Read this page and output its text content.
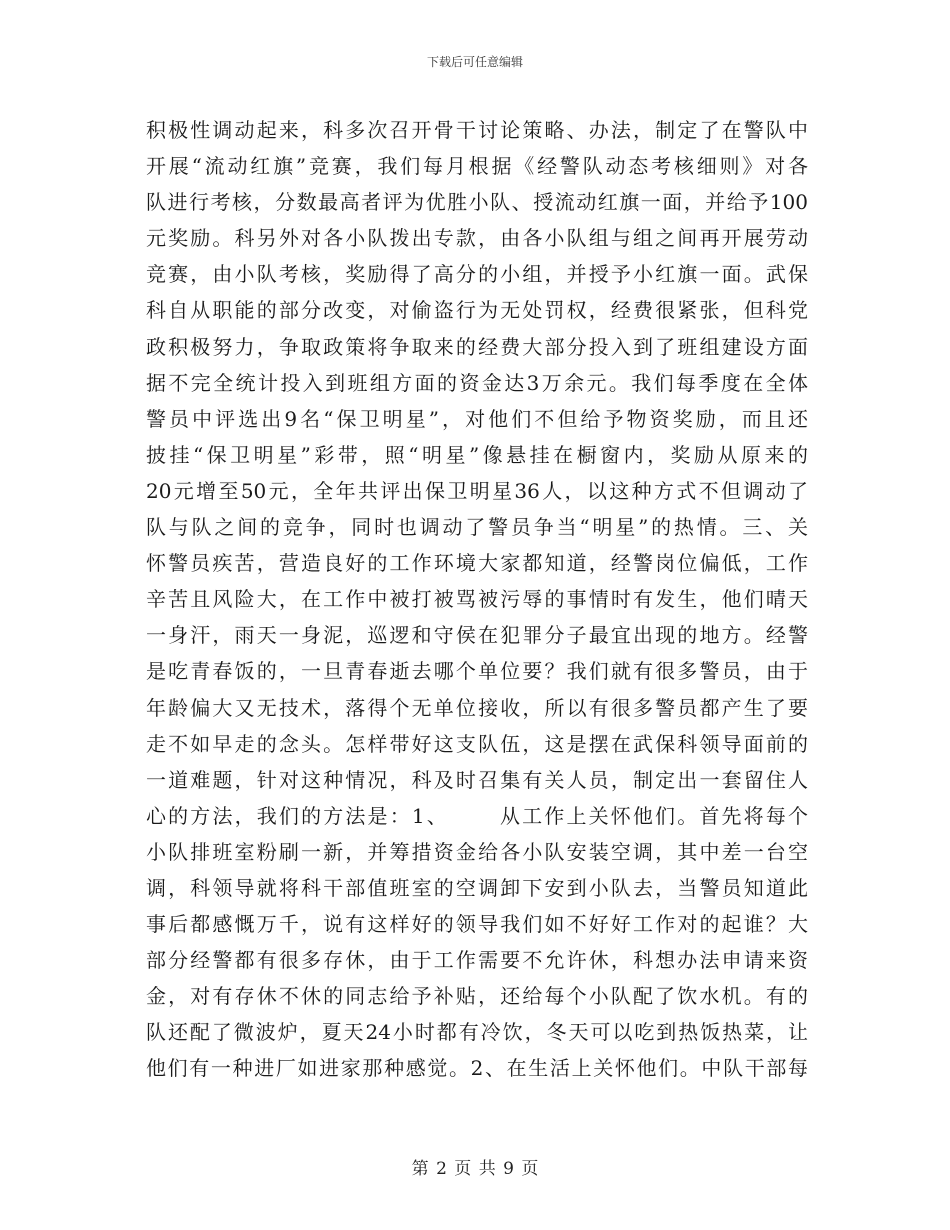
下载后可任意编辑
积极性调动起来，科多次召开骨干讨论策略、办法，制定了在警队中
开展“流动红旗”竞赛，我们每月根据《经警队动态考核细则》对各
队进行考核，分数最高者评为优胜小队、授流动红旗一面，并给予100
元奖励。科另外对各小队拨出专款，由各小队组与组之间再开展劳动
竞赛，由小队考核，奖励得了高分的小组，并授予小红旗一面。武保
科自从职能的部分改变，对偷盗行为无处罚权，经费很紧张，但科党
政积极努力，争取政策将争取来的经费大部分投入到了班组建设方面
据不完全统计投入到班组方面的资金达3万余元。我们每季度在全体
警员中评选出9名“保卫明星”，对他们不但给予物资奖励，而且还
披挂“保卫明星”彩带，照“明星”像悬挂在橱窗内，奖励从原来的
20元增至50元，全年共评出保卫明星36人，以这种方式不但调动了
队与队之间的竞争，同时也调动了警员争当“明星”的热情。三、关
怀警员疾苦，营造良好的工作环境大家都知道，经警岗位偏低，工作
辛苦且风险大，在工作中被打被骂被污辱的事情时有发生，他们晴天
一身汗，雨天一身泥，巡逻和守侯在犯罪分子最宜出现的地方。经警
是吃青春饭的，一旦青春逝去哪个单位要？我们就有很多警员，由于
年龄偏大又无技术，落得个无单位接收，所以有很多警员都产生了要
走不如早走的念头。怎样带好这支队伍，这是摆在武保科领导面前的
一道难题，针对这种情况，科及时召集有关人员，制定出一套留住人
心的方法，我们的方法是：1、      从工作上关怀他们。首先将每个
小队排班室粉刷一新，并筹措资金给各小队安装空调，其中差一台空
调，科领导就将科干部值班室的空调卸下安到小队去，当警员知道此
事后都感慨万千，说有这样好的领导我们如不好好工作对的起谁？大
部分经警都有很多存休，由于工作需要不允许休，科想办法申请来资
金，对有存休不休的同志给予补贴，还给每个小队配了饮水机。有的
队还配了微波炉，夏天24小时都有冷饮，冬天可以吃到热饭热菜，让
他们有一种进厂如进家那种感觉。2、在生活上关怀他们。中队干部每
第 2 页 共 9 页
